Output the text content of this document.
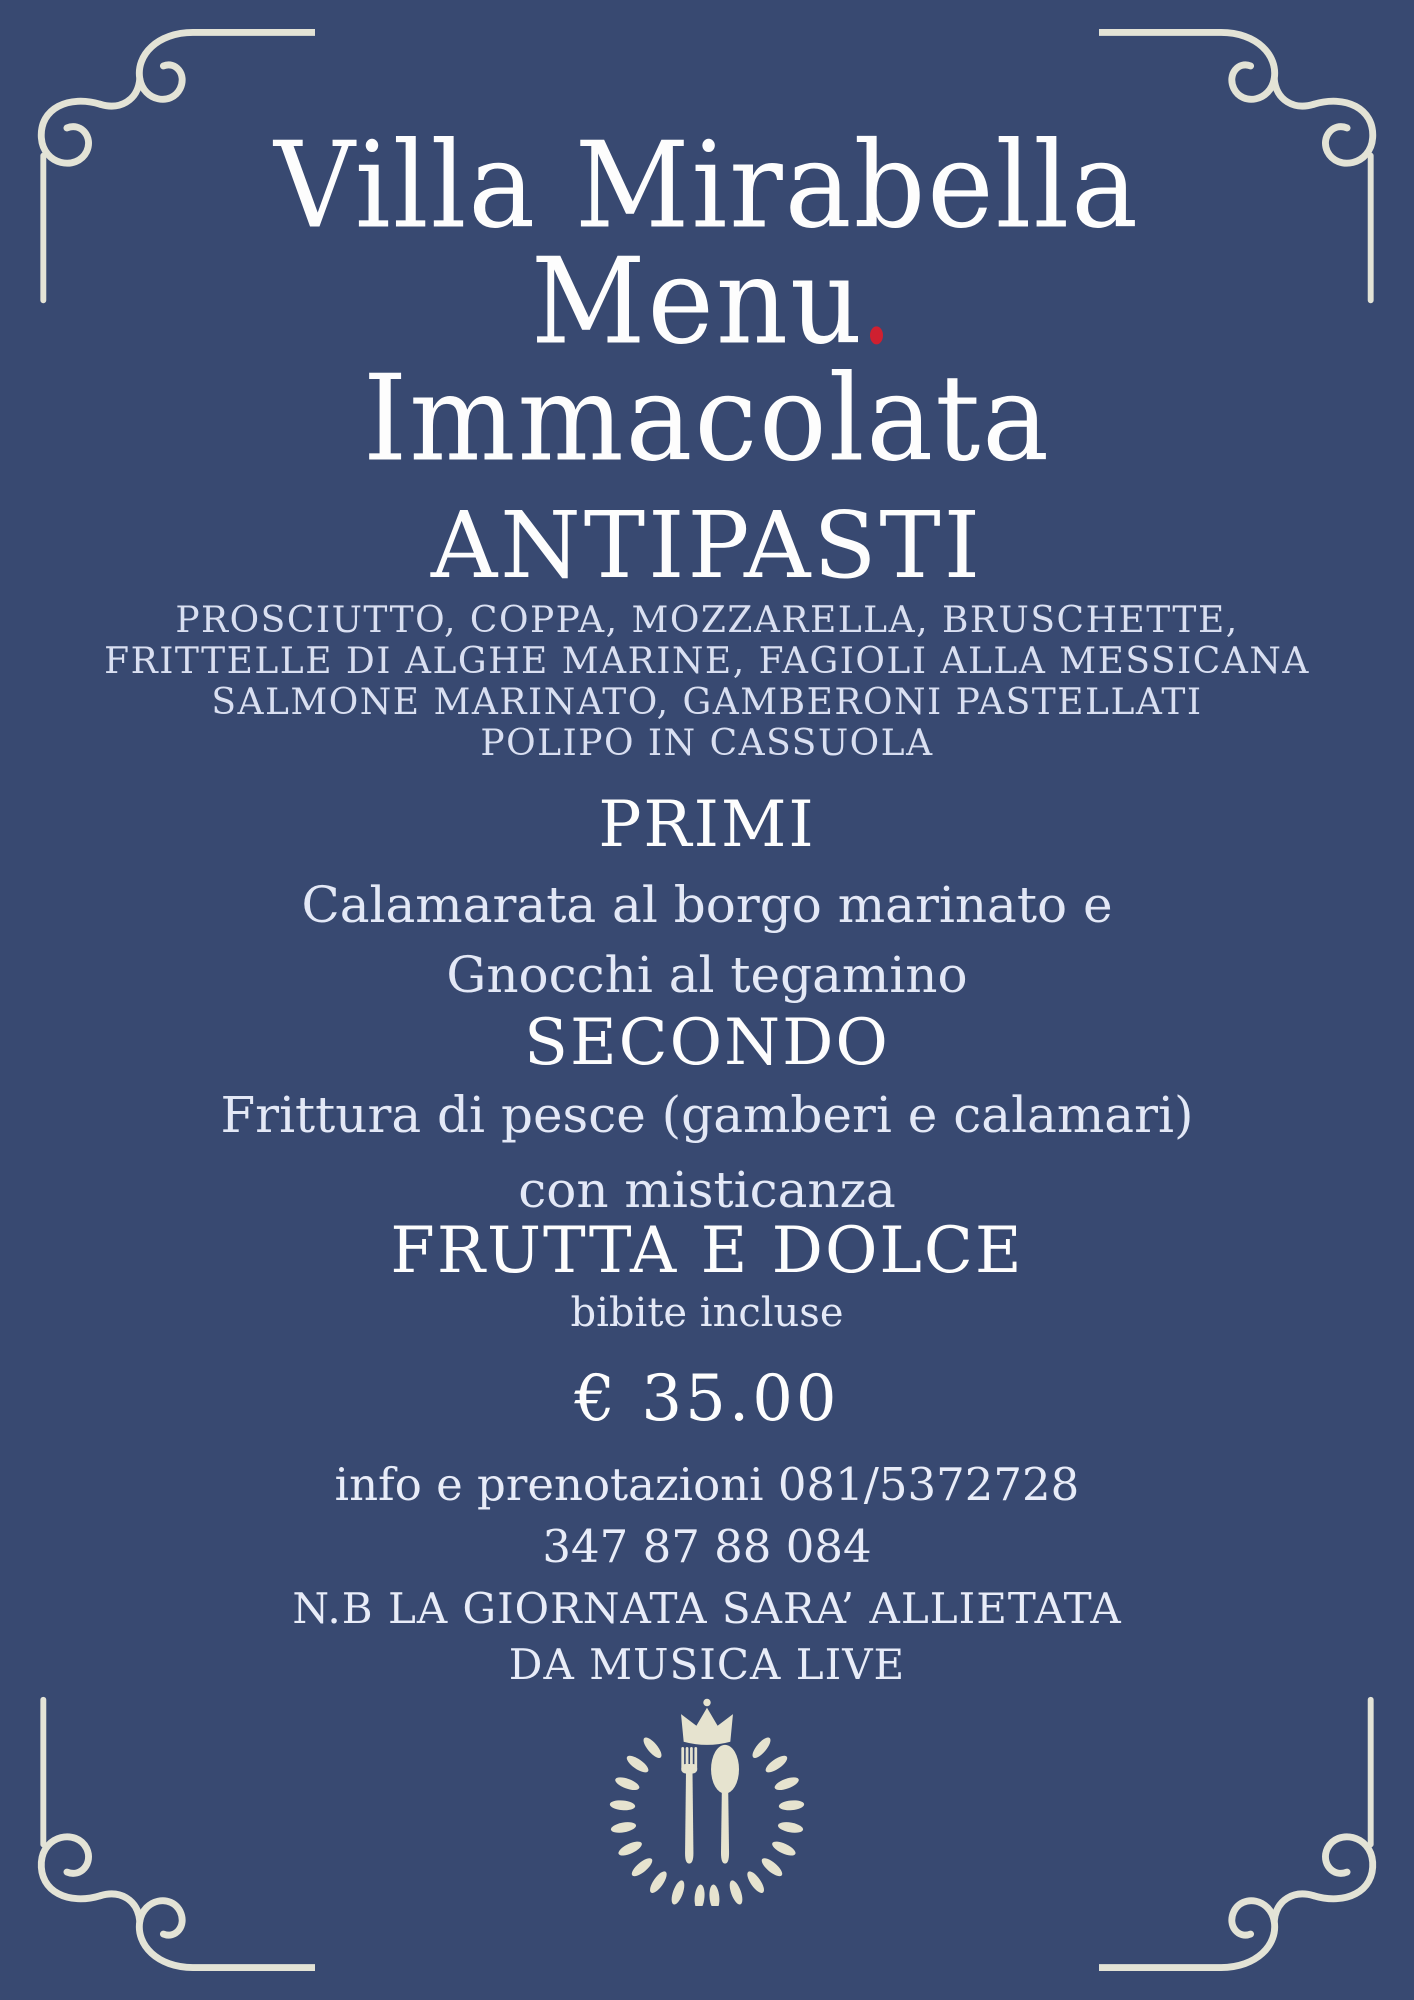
Villa Mirabella
Menu
Immacolata
ANTIPASTI
PROSCIUTTO, COPPA, MOZZARELLA, BRUSCHETTE,
FRITTELLE DI ALGHE MARINE, FAGIOLI ALLA MESSICANA
SALMONE MARINATO, GAMBERONI PASTELLATI
POLIPO IN CASSUOLA
PRIMI
Calamarata al borgo marinato e
Gnocchi al tegamino
SECONDO
Frittura di pesce (gamberi e calamari)
con misticanza
FRUTTA E DOLCE
bibite incluse
€ 35.00
info e prenotazioni 081/5372728
347 87 88 084
N.B LA GIORNATA SARA’ ALLIETATA
DA MUSICA LIVE
